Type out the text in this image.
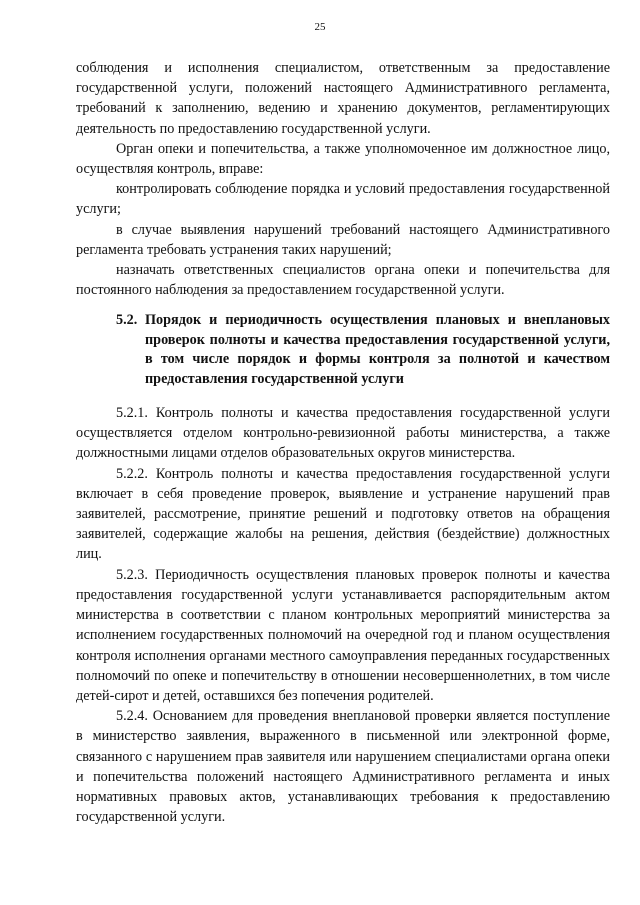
25

соблюдения и исполнения специалистом, ответственным за предоставление государственной услуги, положений настоящего Административного регламента, требований к заполнению, ведению и хранению документов, регламентирующих деятельность по предоставлению государственной услуги.

Орган опеки и попечительства, а также уполномоченное им должностное лицо, осуществляя контроль, вправе:

контролировать соблюдение порядка и условий предоставления государственной услуги;

в случае выявления нарушений требований настоящего Административного регламента требовать устранения таких нарушений;

назначать ответственных специалистов органа опеки и попечительства для постоянного наблюдения за предоставлением государственной услуги.

5.2. Порядок и периодичность осуществления плановых и внеплановых проверок полноты и качества предоставления государственной услуги, в том числе порядок и формы контроля за полнотой и качеством предоставления государственной услуги

5.2.1. Контроль полноты и качества предоставления государственной услуги осуществляется отделом контрольно-ревизионной работы министерства, а также должностными лицами отделов образовательных округов министерства.

5.2.2. Контроль полноты и качества предоставления государственной услуги включает в себя проведение проверок, выявление и устранение нарушений прав заявителей, рассмотрение, принятие решений и подготовку ответов на обращения заявителей, содержащие жалобы на решения, действия (бездействие) должностных лиц.

5.2.3. Периодичность осуществления плановых проверок полноты и качества предоставления государственной услуги устанавливается распорядительным актом министерства в соответствии с планом контрольных мероприятий министерства за исполнением государственных полномочий на очередной год и планом осуществления контроля исполнения органами местного самоуправления переданных государственных полномочий по опеке и попечительству в отношении несовершеннолетних, в том числе детей-сирот и детей, оставшихся без попечения родителей.

5.2.4. Основанием для проведения внеплановой проверки является поступление в министерство заявления, выраженного в письменной или электронной форме, связанного с нарушением прав заявителя или нарушением специалистами органа опеки и попечительства положений настоящего Административного регламента и иных нормативных правовых актов, устанавливающих требования к предоставлению государственной услуги.
